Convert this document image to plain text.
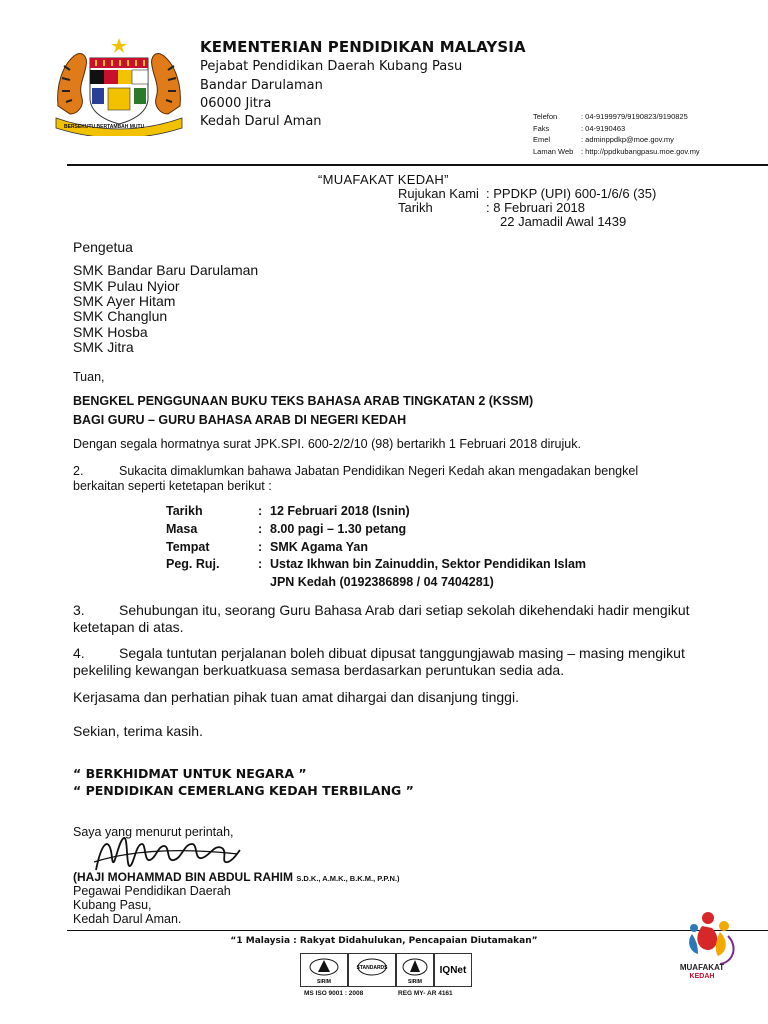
BERSEKUTU BERTAMBAH MUTU
KEMENTERIAN PENDIDIKAN MALAYSIA
Pejabat Pendidikan Daerah Kubang Pasu
Bandar Darulaman
06000 Jitra
Kedah Darul Aman	Telefon	: 04-9199979/9190823/9190825
Faks	: 04-9190463
Emel	: adminppdkp@moe.gov.my
Laman Web	: http://ppdkubangpasu.moe.gov.my
“MUAFAKAT KEDAH”
Rujukan Kami : PPDKP (UPI) 600-1/6/6 (35)
Tarikh	: 8 Februari 2018
22 Jamadil Awal 1439
Pengetua
SMK Bandar Baru Darulaman
SMK Pulau Nyior
SMK Ayer Hitam
SMK Changlun
SMK Hosba
SMK Jitra
Tuan,
BENGKEL PENGGUNAAN BUKU TEKS BAHASA ARAB TINGKATAN 2 (KSSM)
BAGI GURU – GURU BAHASA ARAB DI NEGERI KEDAH
Dengan segala hormatnya surat JPK.SPI. 600-2/2/10 (98) bertarikh 1 Februari 2018 dirujuk.
2.	Sukacita dimaklumkan bahawa Jabatan Pendidikan Negeri Kedah akan mengadakan bengkel
berkaitan seperti ketetapan berikut :
Tarikh	: 12 Februari 2018 (Isnin)
Masa	: 8.00 pagi – 1.30 petang
Tempat	: SMK Agama Yan
Peg. Ruj.	: Ustaz Ikhwan bin Zainuddin, Sektor Pendidikan Islam
JPN Kedah (0192386898 / 04 7404281)
3. Sehubungan itu, seorang Guru Bahasa Arab dari setiap sekolah dikehendaki hadir mengikut
ketetapan di atas.
4. Segala tuntutan perjalanan boleh dibuat dipusat tanggungjawab masing – masing mengikut
pekeliling kewangan berkuatkuasa semasa berdasarkan peruntukan sedia ada.
Kerjasama dan perhatian pihak tuan amat dihargai dan disanjung tinggi.
Sekian, terima kasih.
“ BERKHIDMAT UNTUK NEGARA ”
“ PENDIDIKAN CEMERLANG KEDAH TERBILANG ”
Saya yang menurut perintah,
(HAJI MOHAMMAD BIN ABDUL RAHIM S.D.K., A.M.K., B.K.M., P.P.N.)
Pegawai Pendidikan Daerah
Kubang Pasu,
Kedah Darul Aman.
“1 Malaysia : Rakyat Didahulukan, Pencapaian Diutamakan”
SIRIM
STANDARDS
SIRIM
IQNet
MS ISO 9001 : 2008	REG MY- AR 4161
MUAFAKAT
KEDAH
